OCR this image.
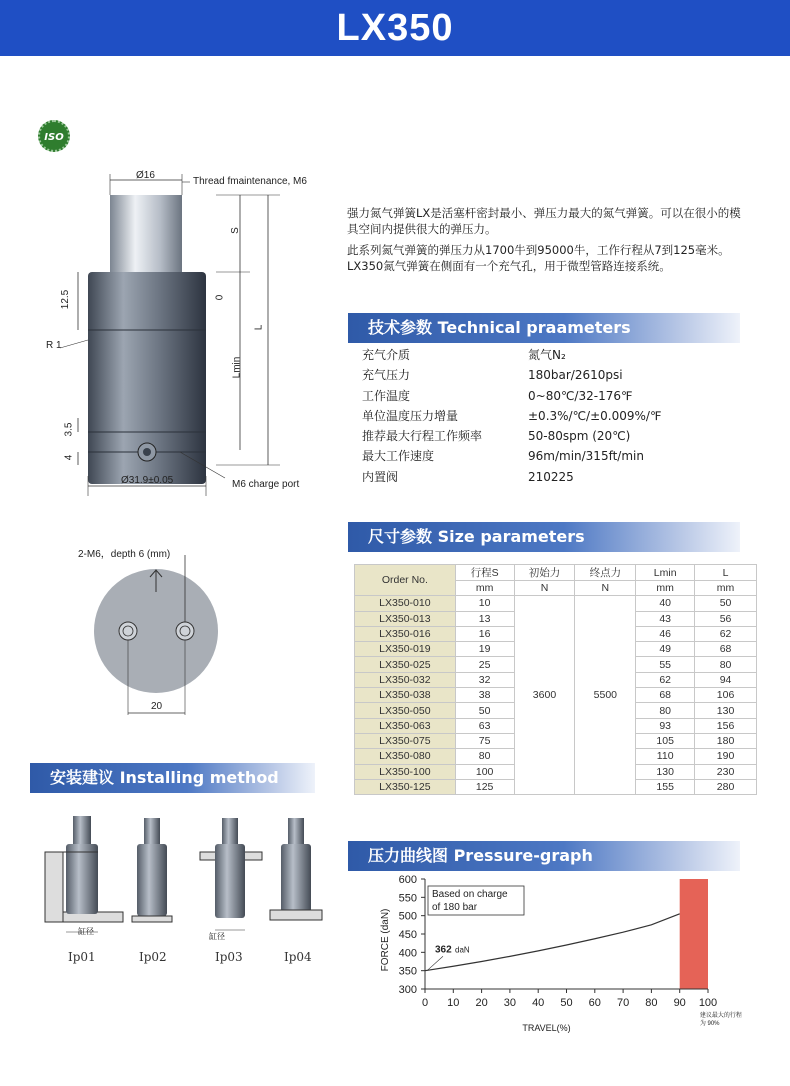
LX350
ISO
Ø16
Thread fmaintenance, M6
S
12.5	0
L
Lmin
R 1
3.5
4
Ø31.9±0.05	M6 charge port
2-M6，depth 6 (mm)
20

强力氮气弹簧LX是活塞杆密封最小、弹压力最大的氮气弹簧。可以在很小的模具空间内提供很大的弹压力。

此系列氮气弹簧的弹压力从1700牛到95000牛，工作行程从7到125毫米。LX350氮气弹簧在侧面有一个充气孔，用于微型管路连接系统。

技术参数 Technical praameters
充气介质	氮气N₂
充气压力	180bar/2610psi
工作温度	0~80℃/32-176℉
单位温度压力增量	±0.3%/℃/±0.009%/℉
推荐最大行程工作频率	50-80spm (20℃)
最大工作速度	96m/min/315ft/min
内置阀	210225
尺寸参数 Size parameters
Order No.	行程S	初始力	终点力	Lmin	L
	mm	N	N	mm	mm
LX350-010	10	3600	5500	40	50
LX350-013	13			43	56
LX350-016	16			46	62
LX350-019	19			49	68
LX350-025	25			55	80
LX350-032	32			62	94
LX350-038	38			68	106
LX350-050	50			80	130
LX350-063	63			93	156
LX350-075	75			105	180
LX350-080	80			110	190
LX350-100	100			130	230
LX350-125	125			155	280
安装建议 Installing method
缸径
缸径
Ip01	Ip02	Ip03	Ip04
压力曲线图 Pressure-graph
300
350
400
450
500
550
600
0 10 20 30 40 50 60 70 80 90 100
TRAVEL(%)
FORCE (daN)
Based on charge
of 180 bar
362 daN
建议最大的行程
为 90%
